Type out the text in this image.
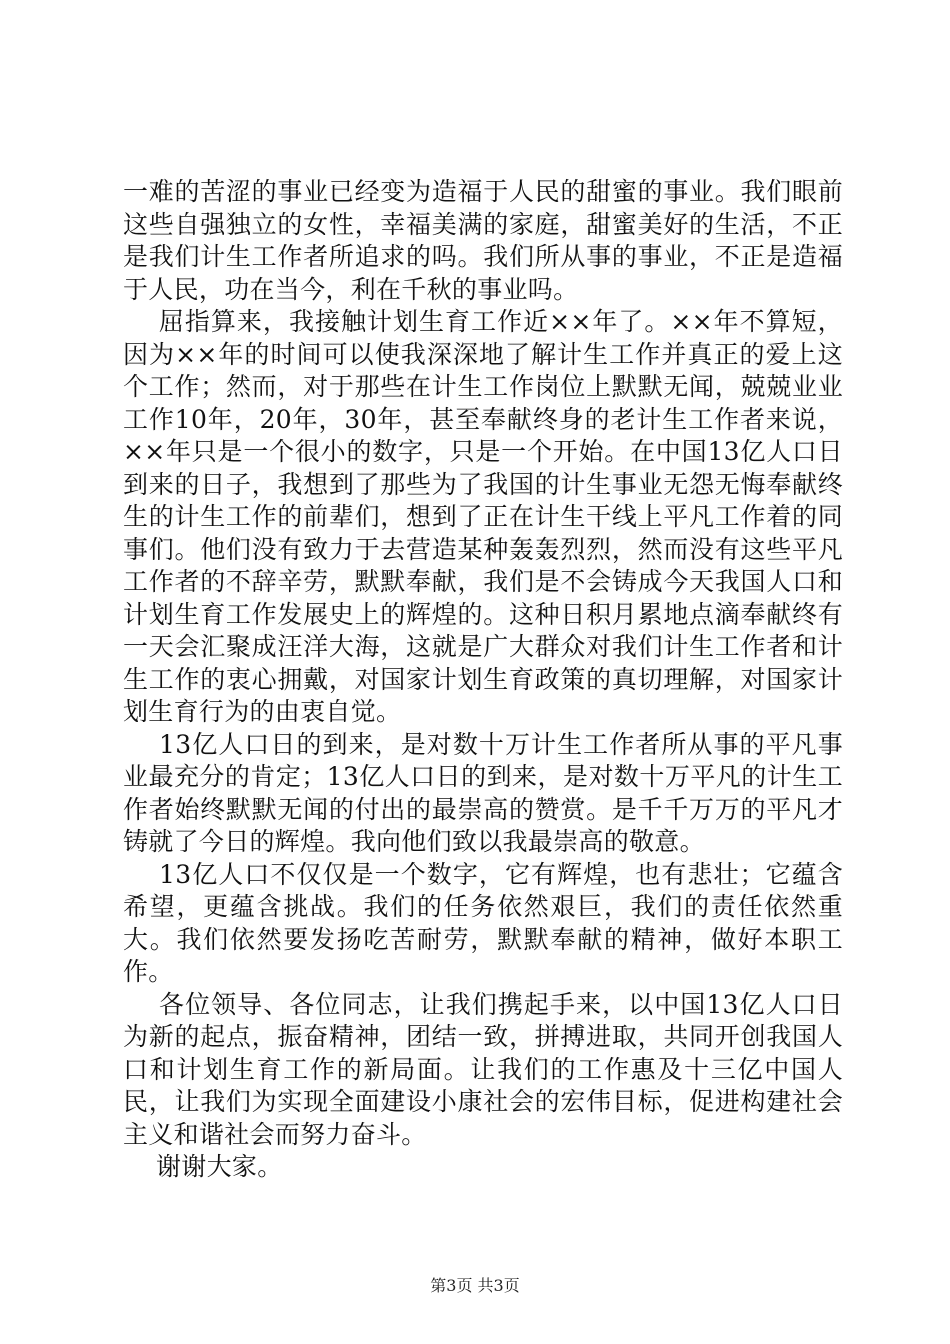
一难的苦涩的事业已经变为造福于人民的甜蜜的事业。我们眼前这些自强独立的女性，幸福美满的家庭，甜蜜美好的生活，不正是我们计生工作者所追求的吗。我们所从事的事业，不正是造福于人民，功在当今，利在千秋的事业吗。

屈指算来，我接触计划生育工作近××年了。××年不算短，因为××年的时间可以使我深深地了解计生工作并真正的爱上这个工作；然而，对于那些在计生工作岗位上默默无闻，兢兢业业工作10年，20年，30年，甚至奉献终身的老计生工作者来说，××年只是一个很小的数字，只是一个开始。在中国13亿人口日到来的日子，我想到了那些为了我国的计生事业无怨无悔奉献终生的计生工作的前辈们，想到了正在计生干线上平凡工作着的同事们。他们没有致力于去营造某种轰轰烈烈，然而没有这些平凡工作者的不辞辛劳，默默奉献，我们是不会铸成今天我国人口和计划生育工作发展史上的辉煌的。这种日积月累地点滴奉献终有一天会汇聚成汪洋大海，这就是广大群众对我们计生工作者和计生工作的衷心拥戴，对国家计划生育政策的真切理解，对国家计划生育行为的由衷自觉。

13亿人口日的到来，是对数十万计生工作者所从事的平凡事业最充分的肯定；13亿人口日的到来，是对数十万平凡的计生工作者始终默默无闻的付出的最崇高的赞赏。是千千万万的平凡才铸就了今日的辉煌。我向他们致以我最崇高的敬意。

13亿人口不仅仅是一个数字，它有辉煌，也有悲壮；它蕴含希望，更蕴含挑战。我们的任务依然艰巨，我们的责任依然重大。我们依然要发扬吃苦耐劳，默默奉献的精神，做好本职工作。

各位领导、各位同志，让我们携起手来，以中国13亿人口日为新的起点，振奋精神，团结一致，拼搏进取，共同开创我国人口和计划生育工作的新局面。让我们的工作惠及十三亿中国人民，让我们为实现全面建设小康社会的宏伟目标，促进构建社会主义和谐社会而努力奋斗。

谢谢大家。

第3页 共3页
